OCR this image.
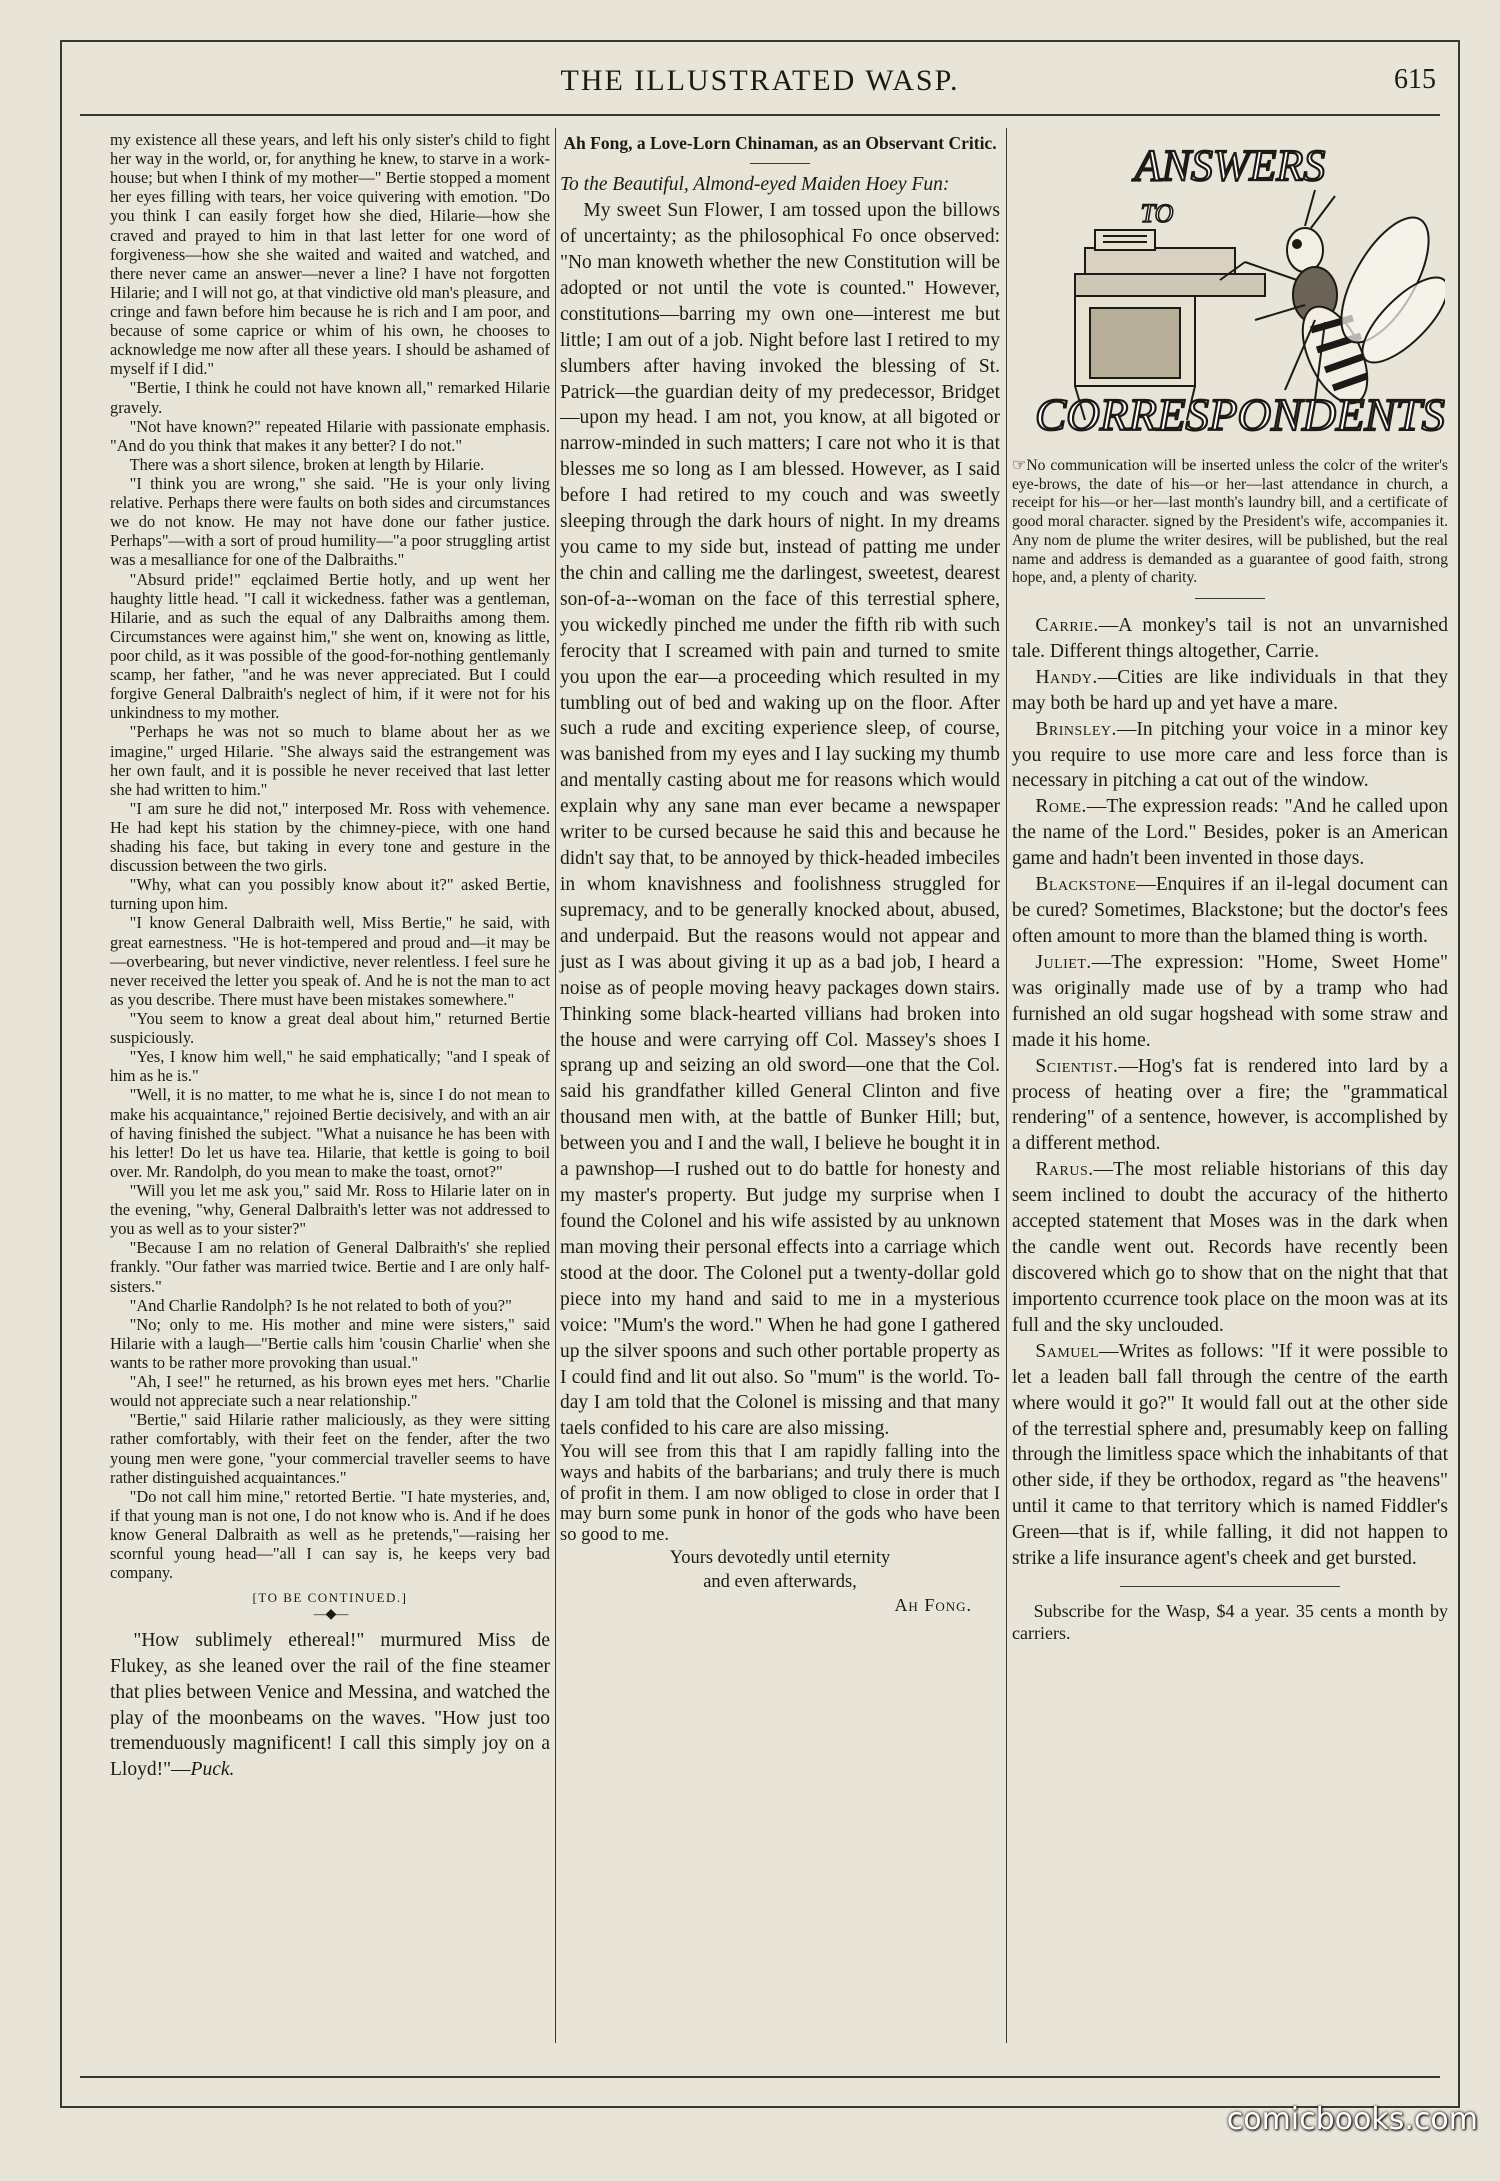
THE ILLUSTRATED WASP.	615

my existence all these years, and left his only sister's child to fight her way in the world, or, for anything he knew, to starve in a work-house; but when I think of my mother—" Bertie stopped a moment her eyes filling with tears, her voice quivering with emotion. "Do you think I can easily forget how she died, Hilarie—how she craved and prayed to him in that last letter for one word of forgiveness—how she she waited and waited and watched, and there never came an answer—never a line? I have not forgotten Hilarie; and I will not go, at that vindictive old man's pleasure, and cringe and fawn before him because he is rich and I am poor, and because of some caprice or whim of his own, he chooses to acknowledge me now after all these years. I should be ashamed of myself if I did."

"Bertie, I think he could not have known all," remarked Hilarie gravely.

"Not have known?" repeated Hilarie with passionate emphasis. "And do you think that makes it any better? I do not."

There was a short silence, broken at length by Hilarie.

"I think you are wrong," she said. "He is your only living relative. Perhaps there were faults on both sides and circumstances we do not know. He may not have done our father justice. Perhaps"—with a sort of proud humility—"a poor struggling artist was a mesalliance for one of the Dalbraiths."

"Absurd pride!" eqclaimed Bertie hotly, and up went her haughty little head. "I call it wickedness. father was a gentleman, Hilarie, and as such the equal of any Dalbraiths among them. Circumstances were against him," she went on, knowing as little, poor child, as it was possible of the good-for-nothing gentlemanly scamp, her father, "and he was never appreciated. But I could forgive General Dalbraith's neglect of him, if it were not for his unkindness to my mother.

"Perhaps he was not so much to blame about her as we imagine," urged Hilarie. "She always said the estrangement was her own fault, and it is possible he never received that last letter she had written to him."

"I am sure he did not," interposed Mr. Ross with vehemence. He had kept his station by the chimney-piece, with one hand shading his face, but taking in every tone and gesture in the discussion between the two girls.

"Why, what can you possibly know about it?" asked Bertie, turning upon him.

"I know General Dalbraith well, Miss Bertie," he said, with great earnestness. "He is hot-tempered and proud and—it may be—overbearing, but never vindictive, never relentless. I feel sure he never received the letter you speak of. And he is not the man to act as you describe. There must have been mistakes somewhere."

"You seem to know a great deal about him," returned Bertie suspiciously.

"Yes, I know him well," he said emphatically; "and I speak of him as he is."

"Well, it is no matter, to me what he is, since I do not mean to make his acquaintance," rejoined Bertie decisively, and with an air of having finished the subject. "What a nuisance he has been with his letter! Do let us have tea. Hilarie, that kettle is going to boil over. Mr. Randolph, do you mean to make the toast, ornot?"

"Will you let me ask you," said Mr. Ross to Hilarie later on in the evening, "why, General Dalbraith's letter was not addressed to you as well as to your sister?"

"Because I am no relation of General Dalbraith's' she replied frankly. "Our father was married twice. Bertie and I are only half-sisters."

"And Charlie Randolph? Is he not related to both of you?"

"No; only to me. His mother and mine were sisters," said Hilarie with a laugh—"Bertie calls him 'cousin Charlie' when she wants to be rather more provoking than usual."

"Ah, I see!" he returned, as his brown eyes met hers. "Charlie would not appreciate such a near relationship."

"Bertie," said Hilarie rather maliciously, as they were sitting rather comfortably, with their feet on the fender, after the two young men were gone, "your commercial traveller seems to have rather distinguished acquaintances."

"Do not call him mine," retorted Bertie. "I hate mysteries, and, if that young man is not one, I do not know who is. And if he does know General Dalbraith as well as he pretends,"—raising her scornful young head—"all I can say is, he keeps very bad company.

[TO BE CONTINUED.]
—◆—

"How sublimely ethereal!" murmured Miss de Flukey, as she leaned over the rail of the fine steamer that plies between Venice and Messina, and watched the play of the moonbeams on the waves. "How just too tremenduously magnificent! I call this simply joy on a Lloyd!"—Puck.

Ah Fong, a Love-Lorn Chinaman, as an Observant Critic.

To the Beautiful, Almond-eyed Maiden Hoey Fun:

My sweet Sun Flower, I am tossed upon the billows of uncertainty; as the philosophical Fo once observed: "No man knoweth whether the new Constitution will be adopted or not until the vote is counted." However, constitutions—barring my own one—interest me but little; I am out of a job. Night before last I retired to my slumbers after having invoked the blessing of St. Patrick—the guardian deity of my predecessor, Bridget—upon my head. I am not, you know, at all bigoted or narrow-minded in such matters; I care not who it is that blesses me so long as I am blessed. However, as I said before I had retired to my couch and was sweetly sleeping through the dark hours of night. In my dreams you came to my side but, instead of patting me under the chin and calling me the darlingest, sweetest, dearest son-of-a--woman on the face of this terrestial sphere, you wickedly pinched me under the fifth rib with such ferocity that I screamed with pain and turned to smite you upon the ear—a proceeding which resulted in my tumbling out of bed and waking up on the floor. After such a rude and exciting experience sleep, of course, was banished from my eyes and I lay sucking my thumb and mentally casting about me for reasons which would explain why any sane man ever became a newspaper writer to be cursed because he said this and because he didn't say that, to be annoyed by thick-headed imbeciles in whom knavishness and foolishness struggled for supremacy, and to be generally knocked about, abused, and underpaid. But the reasons would not appear and just as I was about giving it up as a bad job, I heard a noise as of people moving heavy packages down stairs. Thinking some black-hearted villians had broken into the house and were carrying off Col. Massey's shoes I sprang up and seizing an old sword—one that the Col. said his grandfather killed General Clinton and five thousand men with, at the battle of Bunker Hill; but, between you and I and the wall, I believe he bought it in a pawnshop—I rushed out to do battle for honesty and my master's property. But judge my surprise when I found the Colonel and his wife assisted by au unknown man moving their personal effects into a carriage which stood at the door. The Colonel put a twenty-dollar gold piece into my hand and said to me in a mysterious voice: "Mum's the word." When he had gone I gathered up the silver spoons and such other portable property as I could find and lit out also. So "mum" is the world. To-day I am told that the Colonel is missing and that many taels confided to his care are also missing.

You will see from this that I am rapidly falling into the ways and habits of the barbarians; and truly there is much of profit in them. I am now obliged to close in order that I may burn some punk in honor of the gods who have been so good to me.

Yours devotedly until eternity
and even afterwards,

Ah Fong.

ANSWERS
TO
CORRESPONDENTS

☞No communication will be inserted unless the colcr of the writer's eye-brows, the date of his—or her—last attendance in church, a receipt for his—or her—last month's laundry bill, and a certificate of good moral character. signed by the President's wife, accompanies it. Any nom de plume the writer desires, will be published, but the real name and address is demanded as a guarantee of good faith, strong hope, and, a plenty of charity.

Carrie.—A monkey's tail is not an unvarnished tale. Different things altogether, Carrie.

Handy.—Cities are like individuals in that they may both be hard up and yet have a mare.

Brinsley.—In pitching your voice in a minor key you require to use more care and less force than is necessary in pitching a cat out of the window.

Rome.—The expression reads: "And he called upon the name of the Lord." Besides, poker is an American game and hadn't been invented in those days.

Blackstone—Enquires if an il-legal document can be cured? Sometimes, Blackstone; but the doctor's fees often amount to more than the blamed thing is worth.

Juliet.—The expression: "Home, Sweet Home" was originally made use of by a tramp who had furnished an old sugar hogshead with some straw and made it his home.

Scientist.—Hog's fat is rendered into lard by a process of heating over a fire; the "grammatical rendering" of a sentence, however, is accomplished by a different method.

Rarus.—The most reliable historians of this day seem inclined to doubt the accuracy of the hitherto accepted statement that Moses was in the dark when the candle went out. Records have recently been discovered which go to show that on the night that that importento ccurrence took place on the moon was at its full and the sky unclouded.

Samuel—Writes as follows: "If it were possible to let a leaden ball fall through the centre of the earth where would it go?" It would fall out at the other side of the terrestial sphere and, presumably keep on falling through the limitless space which the inhabitants of that other side, if they be orthodox, regard as "the heavens" until it came to that territory which is named Fiddler's Green—that is if, while falling, it did not happen to strike a life insurance agent's cheek and get bursted.

Subscribe for the Wasp, $4 a year. 35 cents a month by carriers.

comicbooks.com
